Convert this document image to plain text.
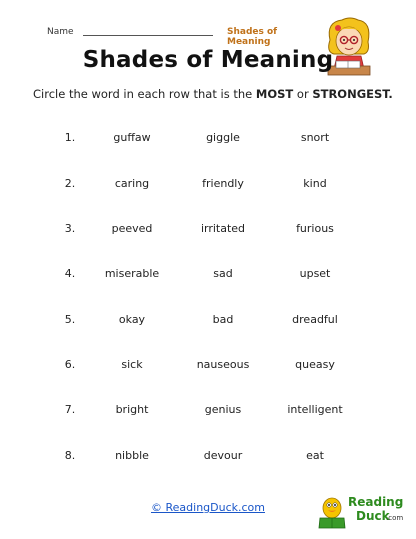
Name	Shades of Meaning
Shades of Meaning
Circle the word in each row that is the MOST or STRONGEST.
1.	guffaw	giggle	snort
2.	caring	friendly	kind
3.	peeved	irritated	furious
4.	miserable	sad	upset
5.	okay	bad	dreadful
6.	sick	nauseous	queasy
7.	bright	genius	intelligent
8.	nibble	devour	eat
© ReadingDuck.com	Reading
Duck
.com
